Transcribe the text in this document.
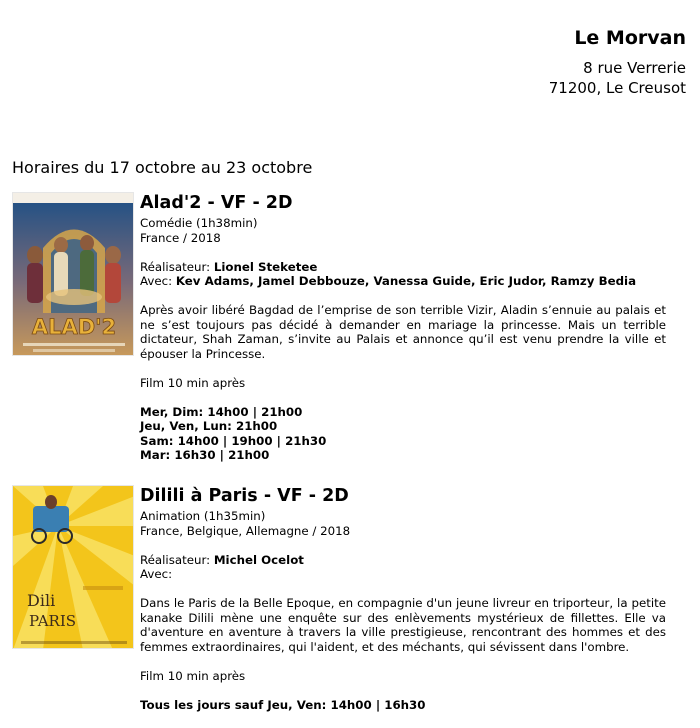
Le Morvan
8 rue Verrerie
71200, Le Creusot
Horaires du 17 octobre au 23 octobre
ALAD'2
Alad'2 - VF - 2D
Comédie (1h38min)
France / 2018
Réalisateur: Lionel Steketee
Avec: Kev Adams, Jamel Debbouze, Vanessa Guide, Eric Judor, Ramzy Bedia
Après avoir libéré Bagdad de l’emprise de son terrible Vizir, Aladin s’ennuie au palais et ne s’est toujours pas décidé à demander en mariage la princesse. Mais un terrible dictateur, Shah Zaman, s’invite au Palais et annonce qu’il est venu prendre la ville et épouser la Princesse.
Film 10 min après
Mer, Dim: 14h00 | 21h00
Jeu, Ven, Lun: 21h00
Sam: 14h00 | 19h00 | 21h30
Mar: 16h30 | 21h00
Dili
PARIS
Dilili à Paris - VF - 2D
Animation (1h35min)
France, Belgique, Allemagne / 2018
Réalisateur: Michel Ocelot
Avec:
Dans le Paris de la Belle Epoque, en compagnie d'un jeune livreur en triporteur, la petite kanake Dilili mène une enquête sur des enlèvements mystérieux de fillettes. Elle va d'aventure en aventure à travers la ville prestigieuse, rencontrant des hommes et des femmes extraordinaires, qui l'aident, et des méchants, qui sévissent dans l'ombre.
Film 10 min après
Tous les jours sauf Jeu, Ven: 14h00 | 16h30
